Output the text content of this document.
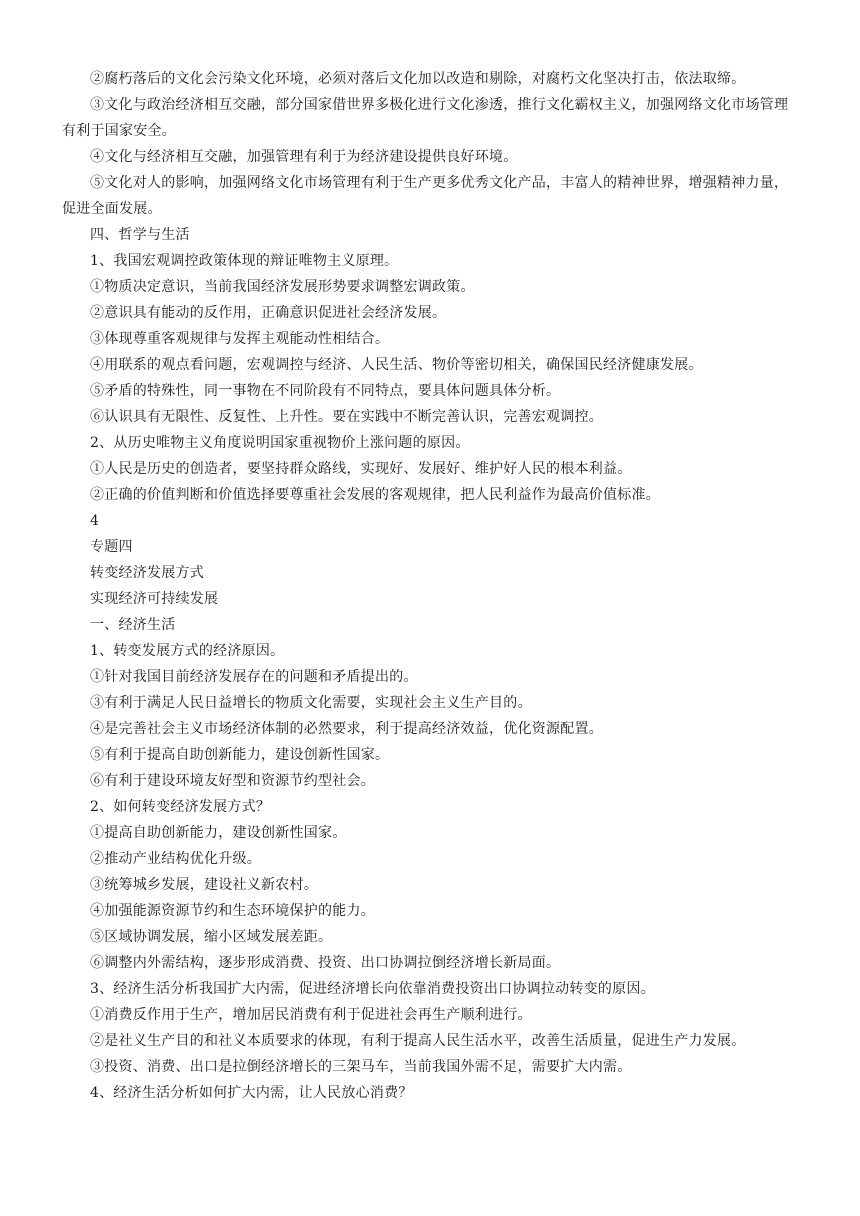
②腐朽落后的文化会污染文化环境，必须对落后文化加以改造和剔除，对腐朽文化坚决打击，依法取缔。

③文化与政治经济相互交融，部分国家借世界多极化进行文化渗透，推行文化霸权主义，加强网络文化市场管理有利于国家安全。

④文化与经济相互交融，加强管理有利于为经济建设提供良好环境。

⑤文化对人的影响，加强网络文化市场管理有利于生产更多优秀文化产品，丰富人的精神世界，增强精神力量，促进全面发展。

四、哲学与生活

1、我国宏观调控政策体现的辩证唯物主义原理。

①物质决定意识，当前我国经济发展形势要求调整宏调政策。

②意识具有能动的反作用，正确意识促进社会经济发展。

③体现尊重客观规律与发挥主观能动性相结合。

④用联系的观点看问题，宏观调控与经济、人民生活、物价等密切相关，确保国民经济健康发展。

⑤矛盾的特殊性，同一事物在不同阶段有不同特点，要具体问题具体分析。

⑥认识具有无限性、反复性、上升性。要在实践中不断完善认识，完善宏观调控。

2、从历史唯物主义角度说明国家重视物价上涨问题的原因。

①人民是历史的创造者，要坚持群众路线，实现好、发展好、维护好人民的根本利益。

②正确的价值判断和价值选择要尊重社会发展的客观规律，把人民利益作为最高价值标准。

4

专题四

转变经济发展方式

实现经济可持续发展

一、经济生活

1、转变发展方式的经济原因。

①针对我国目前经济发展存在的问题和矛盾提出的。

③有利于满足人民日益增长的物质文化需要，实现社会主义生产目的。

④是完善社会主义市场经济体制的必然要求，利于提高经济效益，优化资源配置。

⑤有利于提高自助创新能力，建设创新性国家。

⑥有利于建设环境友好型和资源节约型社会。

2、如何转变经济发展方式？

①提高自助创新能力，建设创新性国家。

②推动产业结构优化升级。

③统筹城乡发展，建设社义新农村。

④加强能源资源节约和生态环境保护的能力。

⑤区域协调发展，缩小区域发展差距。

⑥调整内外需结构，逐步形成消费、投资、出口协调拉倒经济增长新局面。

3、经济生活分析我国扩大内需，促进经济增长向依靠消费投资出口协调拉动转变的原因。

①消费反作用于生产，增加居民消费有利于促进社会再生产顺利进行。

②是社义生产目的和社义本质要求的体现，有利于提高人民生活水平，改善生活质量，促进生产力发展。

③投资、消费、出口是拉倒经济增长的三架马车，当前我国外需不足，需要扩大内需。

4、经济生活分析如何扩大内需，让人民放心消费？
